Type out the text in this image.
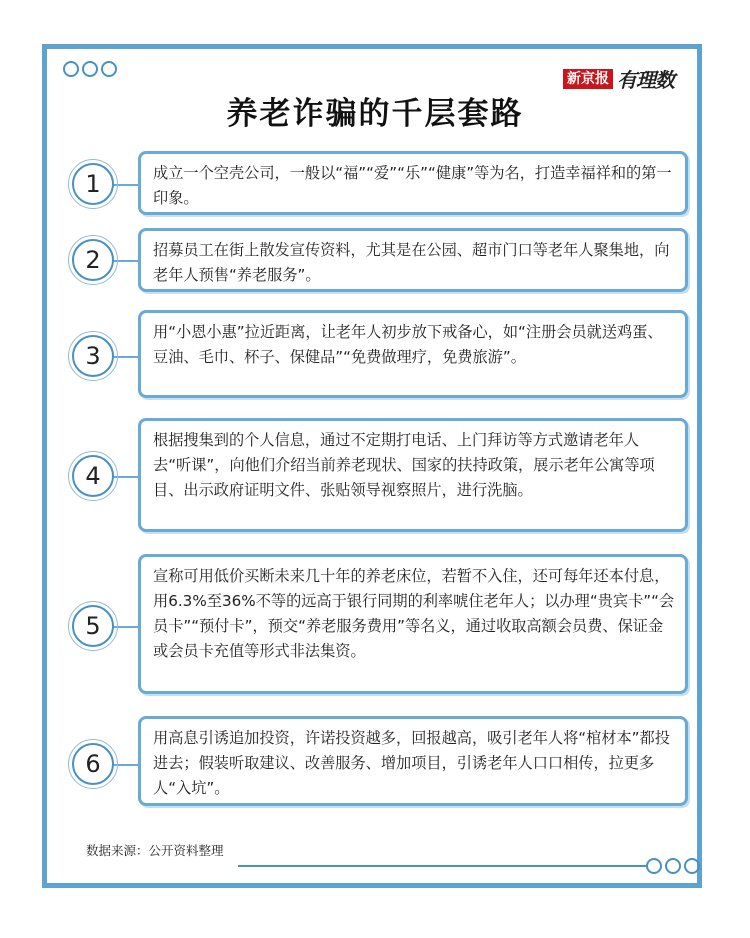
新京报 有理数
养老诈骗的千层套路
1	成立一个空壳公司，一般以“福”“爱”“乐”“健康”等为名，打造幸福祥和的第一印象。
2	招募员工在街上散发宣传资料，尤其是在公园、超市门口等老年人聚集地，向老年人预售“养老服务”。
3
用“小恩小惠”拉近距离，让老年人初步放下戒备心，如“注册会员就送鸡蛋、豆油、毛巾、杯子、保健品”“免费做理疗，免费旅游”。
4
根据搜集到的个人信息，通过不定期打电话、上门拜访等方式邀请老年人去“听课”，向他们介绍当前养老现状、国家的扶持政策，展示老年公寓等项目、出示政府证明文件、张贴领导视察照片，进行洗脑。
5
宣称可用低价买断未来几十年的养老床位，若暂不入住，还可每年还本付息，用6.3%至36%不等的远高于银行同期的利率唬住老年人；以办理“贵宾卡”“会员卡”“预付卡”，预交“养老服务费用”等名义，通过收取高额会员费、保证金或会员卡充值等形式非法集资。
6
用高息引诱追加投资，许诺投资越多，回报越高，吸引老年人将“棺材本”都投进去；假装听取建议、改善服务、增加项目，引诱老年人口口相传，拉更多人“入坑”。
数据来源：公开资料整理
